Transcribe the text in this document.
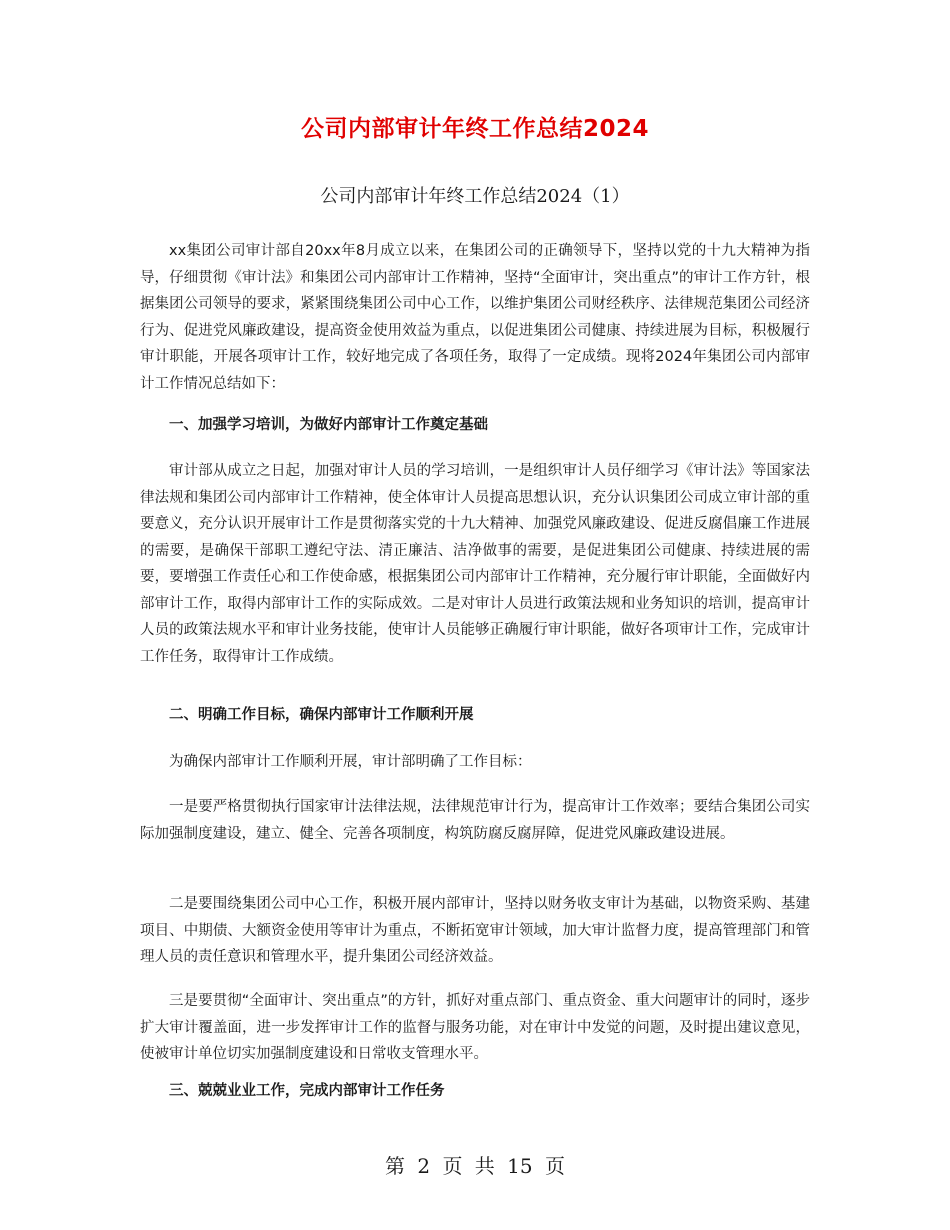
公司内部审计年终工作总结2024
公司内部审计年终工作总结2024（1）
xx集团公司审计部自20xx年8月成立以来，在集团公司的正确领导下，坚持以党的十九大精神为指导，仔细贯彻《审计法》和集团公司内部审计工作精神，坚持“全面审计，突出重点”的审计工作方针，根据集团公司领导的要求，紧紧围绕集团公司中心工作，以维护集团公司财经秩序、法律规范集团公司经济行为、促进党风廉政建设，提高资金使用效益为重点，以促进集团公司健康、持续进展为目标，积极履行审计职能，开展各项审计工作，较好地完成了各项任务，取得了一定成绩。现将2024年集团公司内部审计工作情况总结如下：
一、加强学习培训，为做好内部审计工作奠定基础
审计部从成立之日起，加强对审计人员的学习培训，一是组织审计人员仔细学习《审计法》等国家法律法规和集团公司内部审计工作精神，使全体审计人员提高思想认识，充分认识集团公司成立审计部的重要意义，充分认识开展审计工作是贯彻落实党的十九大精神、加强党风廉政建设、促进反腐倡廉工作进展的需要，是确保干部职工遵纪守法、清正廉洁、洁净做事的需要，是促进集团公司健康、持续进展的需要，要增强工作责任心和工作使命感，根据集团公司内部审计工作精神，充分履行审计职能，全面做好内部审计工作，取得内部审计工作的实际成效。二是对审计人员进行政策法规和业务知识的培训，提高审计人员的政策法规水平和审计业务技能，使审计人员能够正确履行审计职能，做好各项审计工作，完成审计工作任务，取得审计工作成绩。
二、明确工作目标，确保内部审计工作顺利开展
为确保内部审计工作顺利开展，审计部明确了工作目标：
一是要严格贯彻执行国家审计法律法规，法律规范审计行为，提高审计工作效率；要结合集团公司实际加强制度建设，建立、健全、完善各项制度，构筑防腐反腐屏障，促进党风廉政建设进展。
二是要围绕集团公司中心工作，积极开展内部审计，坚持以财务收支审计为基础，以物资采购、基建项目、中期债、大额资金使用等审计为重点，不断拓宽审计领域，加大审计监督力度，提高管理部门和管理人员的责任意识和管理水平，提升集团公司经济效益。
三是要贯彻“全面审计、突出重点”的方针，抓好对重点部门、重点资金、重大问题审计的同时，逐步扩大审计覆盖面，进一步发挥审计工作的监督与服务功能，对在审计中发觉的问题，及时提出建议意见，使被审计单位切实加强制度建设和日常收支管理水平。
三、兢兢业业工作，完成内部审计工作任务
第 2 页 共 15 页
